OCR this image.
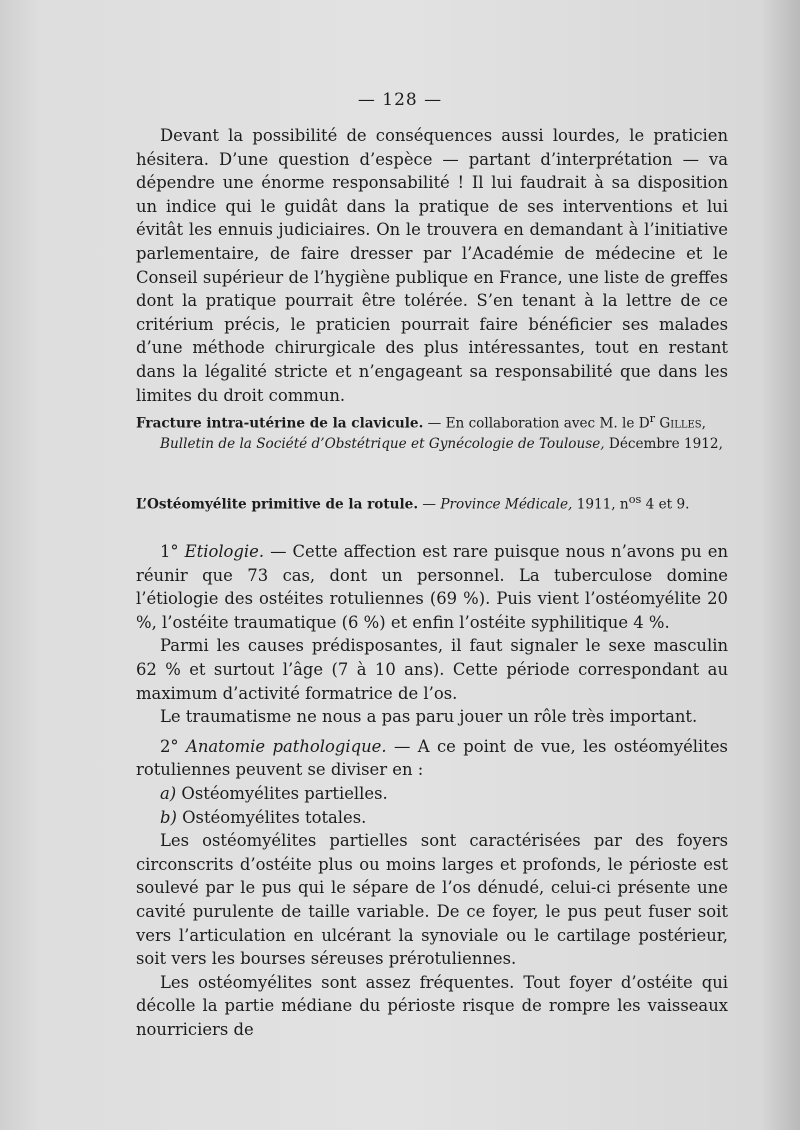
— 128 —

Devant la possibilité de conséquences aussi lourdes, le praticien hésitera. D’une question d’espèce — partant d’interprétation — va dépendre une énorme responsabilité ! Il lui faudrait à sa disposition un indice qui le guidât dans la pratique de ses interventions et lui évitât les ennuis judiciaires. On le trouvera en demandant à l’initiative parlementaire, de faire dresser par l’Académie de médecine et le Conseil supérieur de l’hygiène publique en France, une liste de greffes dont la pratique pourrait être tolérée. S’en tenant à la lettre de ce critérium précis, le praticien pourrait faire bénéficier ses malades d’une méthode chirurgicale des plus intéressantes, tout en restant dans la légalité stricte et n’engageant sa responsabilité que dans les limites du droit commun.

Fracture intra-utérine de la clavicule. — En collaboration avec M. le $D^r$ Gilles,
Bulletin de la Société d’Obstétrique et Gynécologie de Toulouse, Décembre 1912,

L’Ostéomyélite primitive de la rotule. — Province Médicale, 1911, $n^{os}$ 4 et 9.

1° Etiologie. — Cette affection est rare puisque nous n’avons pu en réunir que 73 cas, dont un personnel. La tuberculose domine l’étiologie des ostéites rotuliennes (69 %). Puis vient l’ostéomyélite 20 %, l’ostéite traumatique (6 %) et enfin l’ostéite syphilitique 4 %.

Parmi les causes prédisposantes, il faut signaler le sexe masculin 62 % et surtout l’âge (7 à 10 ans). Cette période correspondant au maximum d’activité formatrice de l’os.

Le traumatisme ne nous a pas paru jouer un rôle très important.

2° Anatomie pathologique. — A ce point de vue, les ostéomyélites rotuliennes peuvent se diviser en :

a) Ostéomyélites partielles.

b) Ostéomyélites totales.

Les ostéomyélites partielles sont caractérisées par des foyers circonscrits d’ostéite plus ou moins larges et profonds, le périoste est soulevé par le pus qui le sépare de l’os dénudé, celui-ci présente une cavité purulente de taille variable. De ce foyer, le pus peut fuser soit vers l’articulation en ulcérant la synoviale ou le cartilage postérieur, soit vers les bourses séreuses prérotuliennes.

Les ostéomyélites sont assez fréquentes. Tout foyer d’ostéite qui décolle la partie médiane du périoste risque de rompre les vaisseaux nourriciers de
